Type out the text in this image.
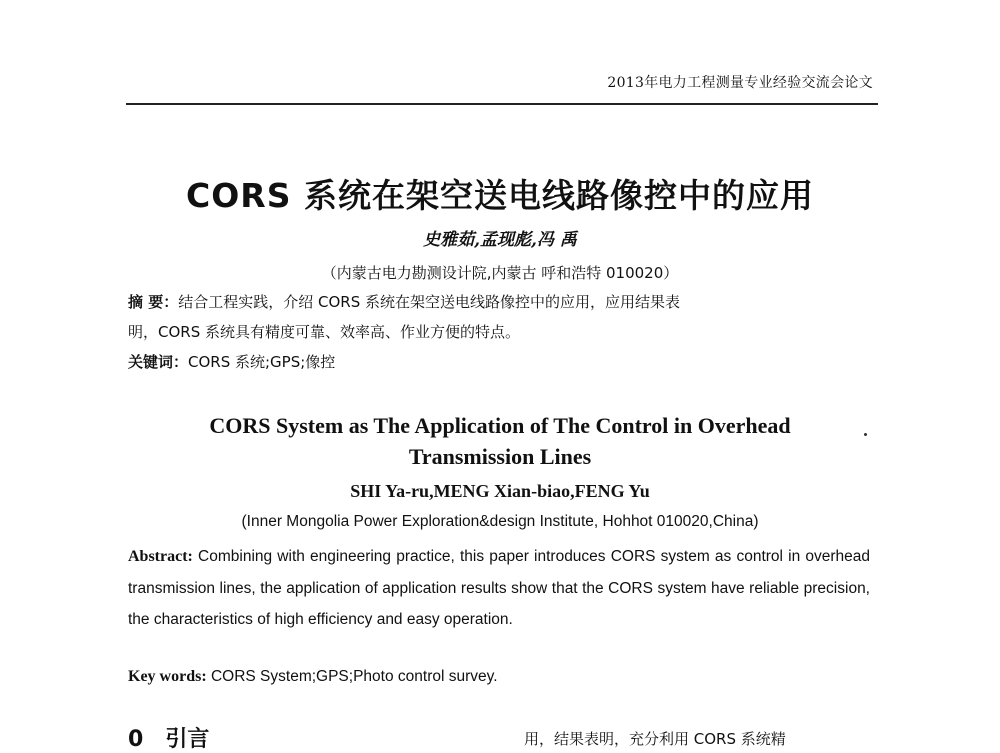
2013年电力工程测量专业经验交流会论文
CORS 系统在架空送电线路像控中的应用
史雅茹,孟现彪,冯 禹
（内蒙古电力勘测设计院,内蒙古 呼和浩特 010020）
摘 要：结合工程实践，介绍 CORS 系统在架空送电线路像控中的应用，应用结果表
明，CORS 系统具有精度可靠、效率高、作业方便的特点。
关键词：CORS 系统;GPS;像控
CORS System as The Application of The Control in Overhead
Transmission Lines
SHI Ya-ru,MENG Xian-biao,FENG Yu
(Inner Mongolia Power Exploration&design Institute, Hohhot 010020,China)
Abstract: Combining with engineering practice, this paper introduces CORS system as control in overhead transmission lines, the application of application results show that the CORS system have reliable precision, the characteristics of high efficiency and easy operation.
Key words: CORS System;GPS;Photo control survey.
0 引言	用，结果表明，充分利用 CORS 系统精
